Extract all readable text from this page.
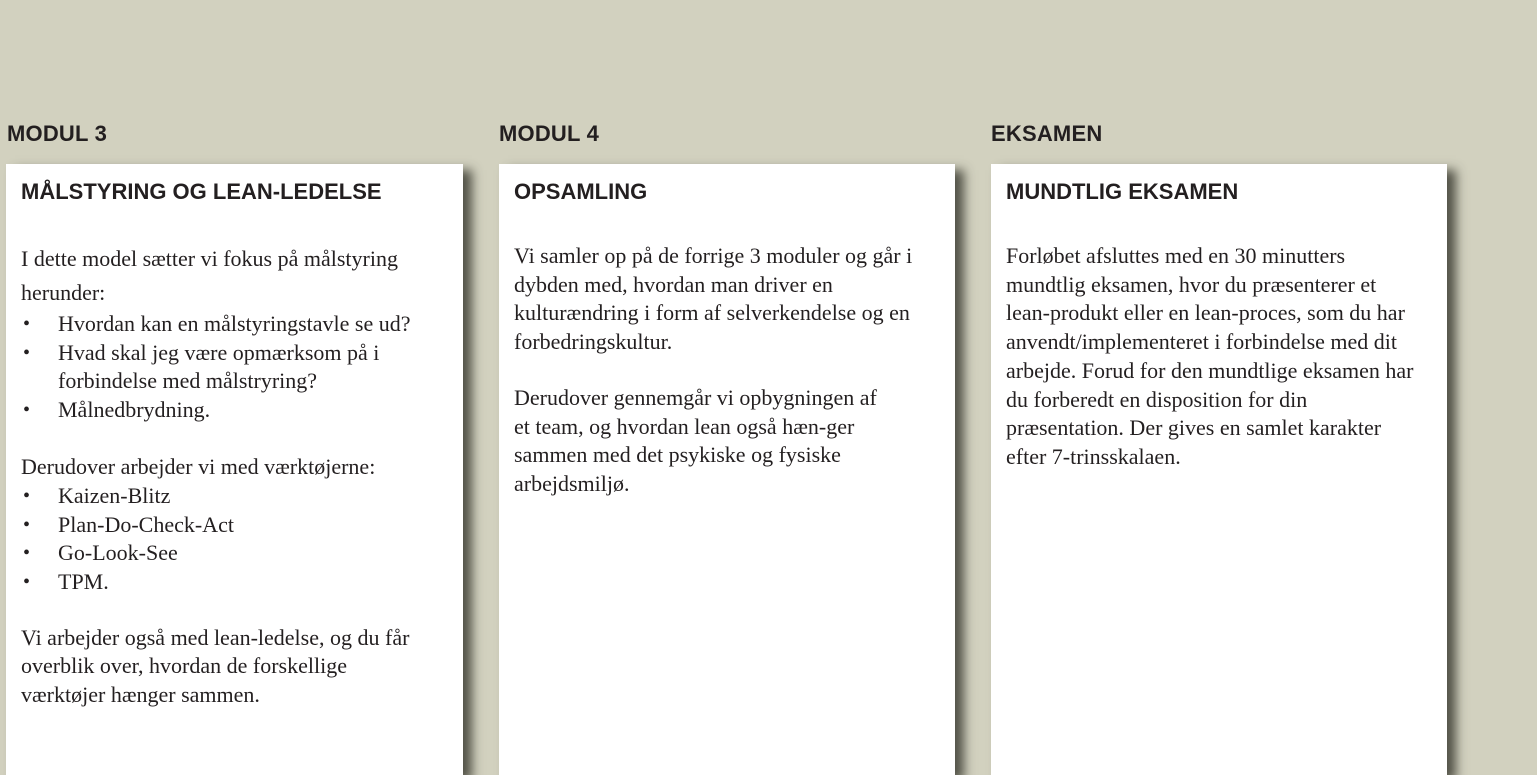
MODUL 3	MODUL 4	EKSAMEN
MÅLSTYRING OG LEAN-LEDELSE

I dette model sætter vi fokus på målstyring
herunder:

• Hvordan kan en målstyringstavle se ud?
• Hvad skal jeg være opmærksom på i forbindelse med målstryring?
• Målnedbrydning.

Derudover arbejder vi med værktøjerne:

• Kaizen-Blitz
• Plan-Do-Check-Act
• Go-Look-See
• TPM.

Vi arbejder også med lean-ledelse, og du får overblik over, hvordan de forskellige værktøjer hænger sammen.

OPSAMLING

Vi samler op på de forrige 3 moduler og går i dybden med, hvordan man driver en kulturændring i form af selverkendelse og en forbedringskultur.

Derudover gennemgår vi opbygningen af et team, og hvordan lean også hæn-ger sammen med det psykiske og fysiske arbejdsmiljø.

MUNDTLIG EKSAMEN

Forløbet afsluttes med en 30 minutters mundtlig eksamen, hvor du præsenterer et lean-produkt eller en lean-proces, som du har anvendt/implementeret i forbindelse med dit arbejde. Forud for den mundtlige eksamen har du forberedt en disposition for din præsentation. Der gives en samlet karakter efter 7-trinsskalaen.
